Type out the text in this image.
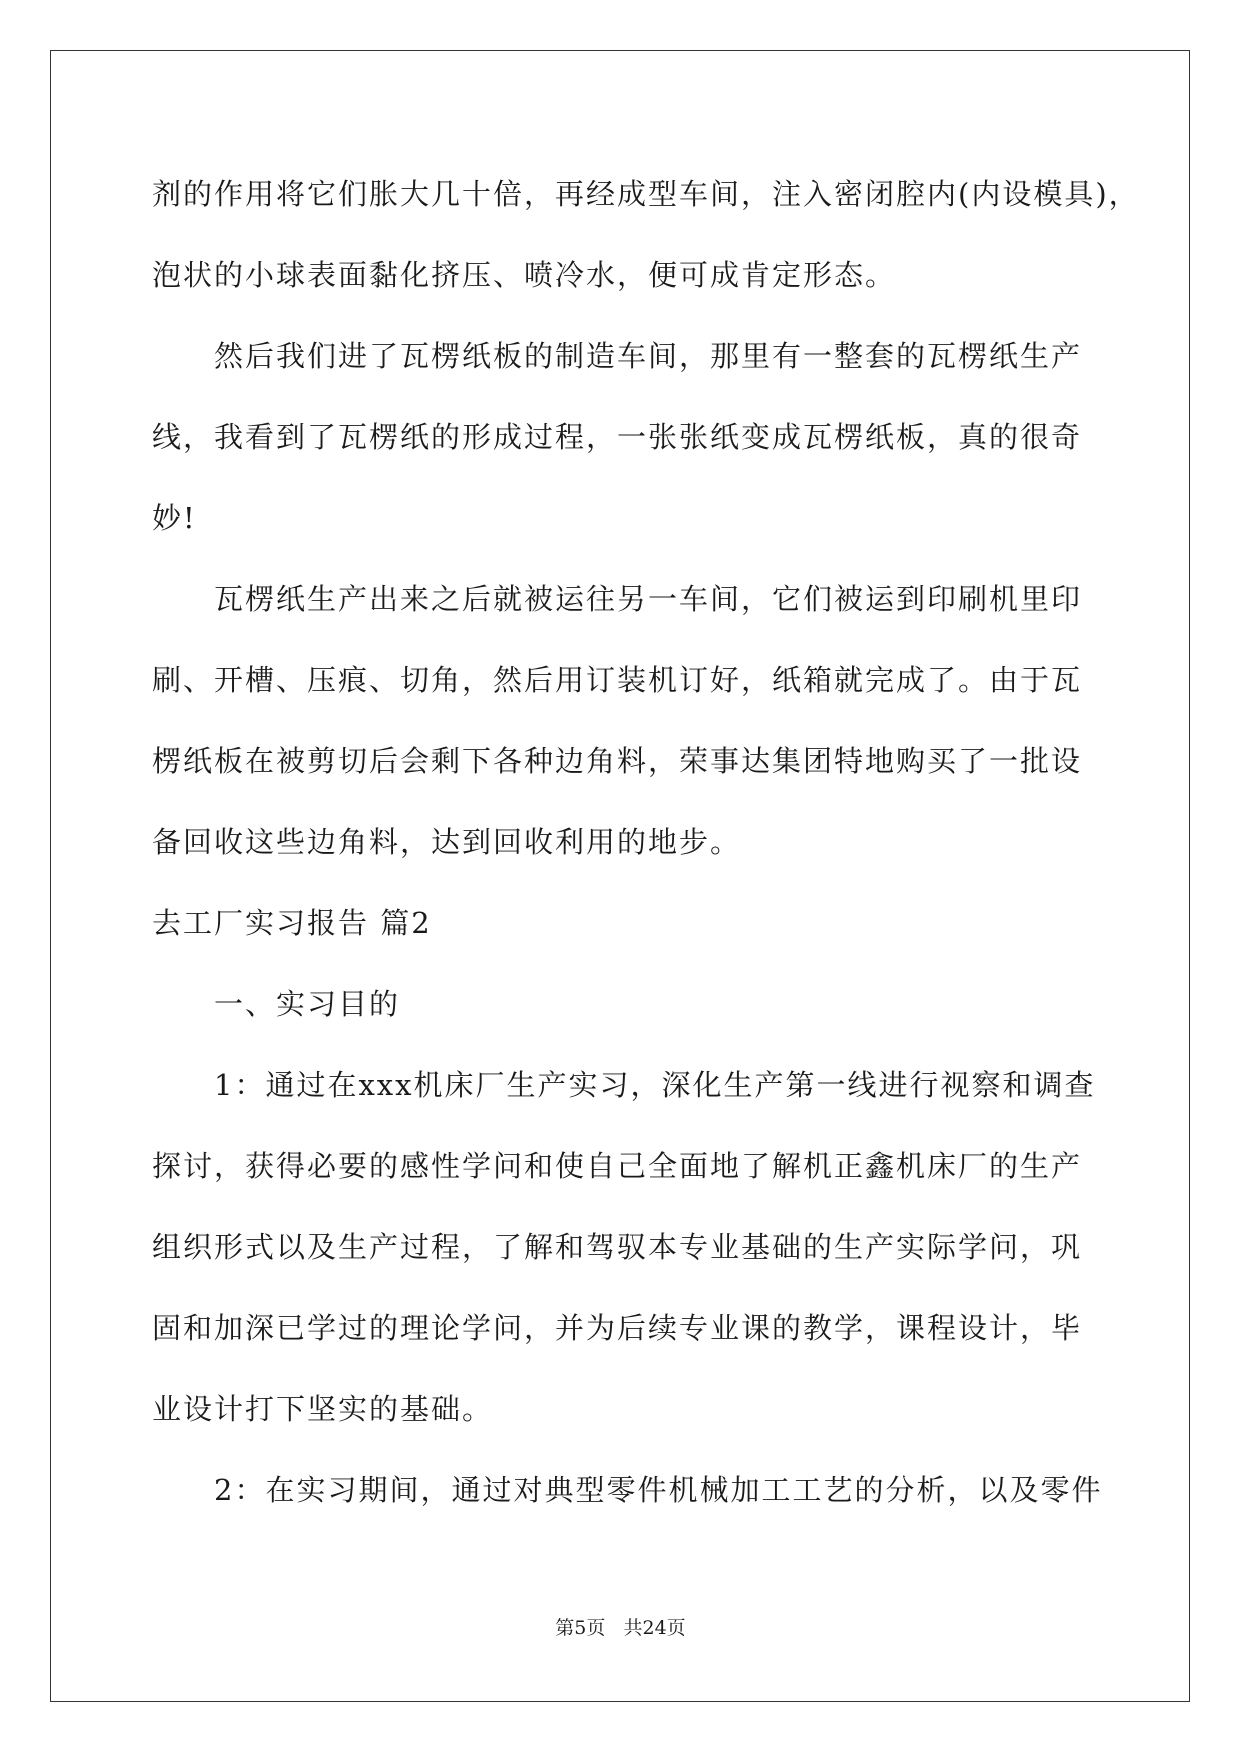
剂的作用将它们胀大几十倍，再经成型车间，注入密闭腔内(内设模具)，
泡状的小球表面黏化挤压、喷冷水，便可成肯定形态。
然后我们进了瓦楞纸板的制造车间，那里有一整套的瓦楞纸生产
线，我看到了瓦楞纸的形成过程，一张张纸变成瓦楞纸板，真的很奇
妙!
瓦楞纸生产出来之后就被运往另一车间，它们被运到印刷机里印
刷、开槽、压痕、切角，然后用订装机订好，纸箱就完成了。由于瓦
楞纸板在被剪切后会剩下各种边角料，荣事达集团特地购买了一批设
备回收这些边角料，达到回收利用的地步。
去工厂实习报告 篇2
一、实习目的
1：通过在xxx机床厂生产实习，深化生产第一线进行视察和调查
探讨，获得必要的感性学问和使自己全面地了解机正鑫机床厂的生产
组织形式以及生产过程，了解和驾驭本专业基础的生产实际学问，巩
固和加深已学过的理论学问，并为后续专业课的教学，课程设计，毕
业设计打下坚实的基础。
2：在实习期间，通过对典型零件机械加工工艺的分析，以及零件
第5页   共24页
